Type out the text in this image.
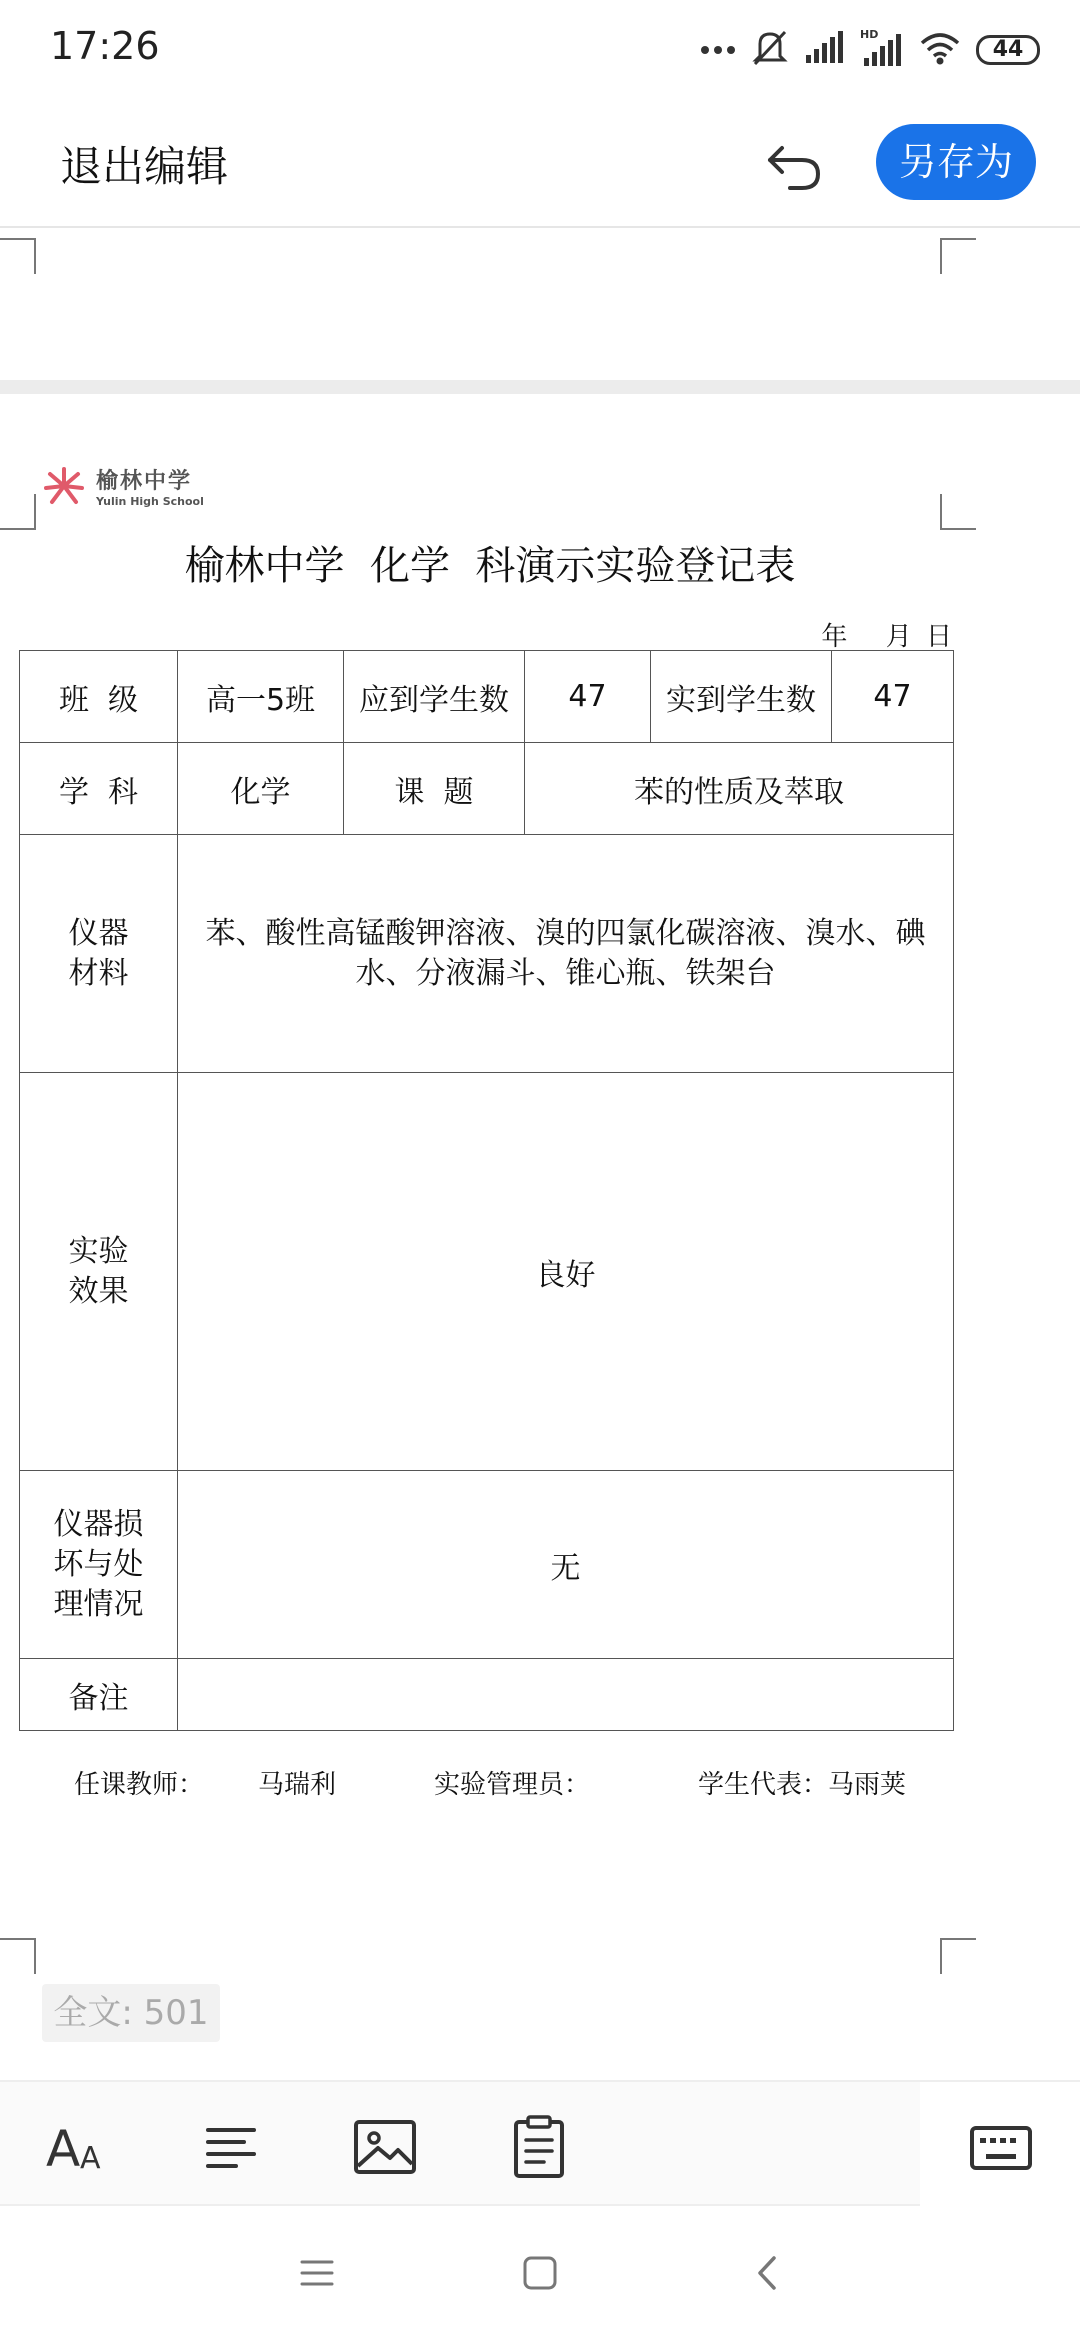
17:26	HD
44
退出编辑	另存为
榆林中学
Yulin High School
榆林中学  化学  科演示实验登记表
年 月 日
班  级	高一5班	应到学生数	47	实到学生数	47
学  科	化学	课  题	苯的性质及萃取		
仪器
材料	苯、酸性高锰酸钾溶液、溴的四氯化碳溶液、溴水、碘水、分液漏斗、锥心瓶、铁架台				
实验
效果	良好				
仪器损
坏与处
理情况	无				
备注					
任课教师： 马瑞利	实验管理员：	学生代表：马雨荚
全文: 501
A A
